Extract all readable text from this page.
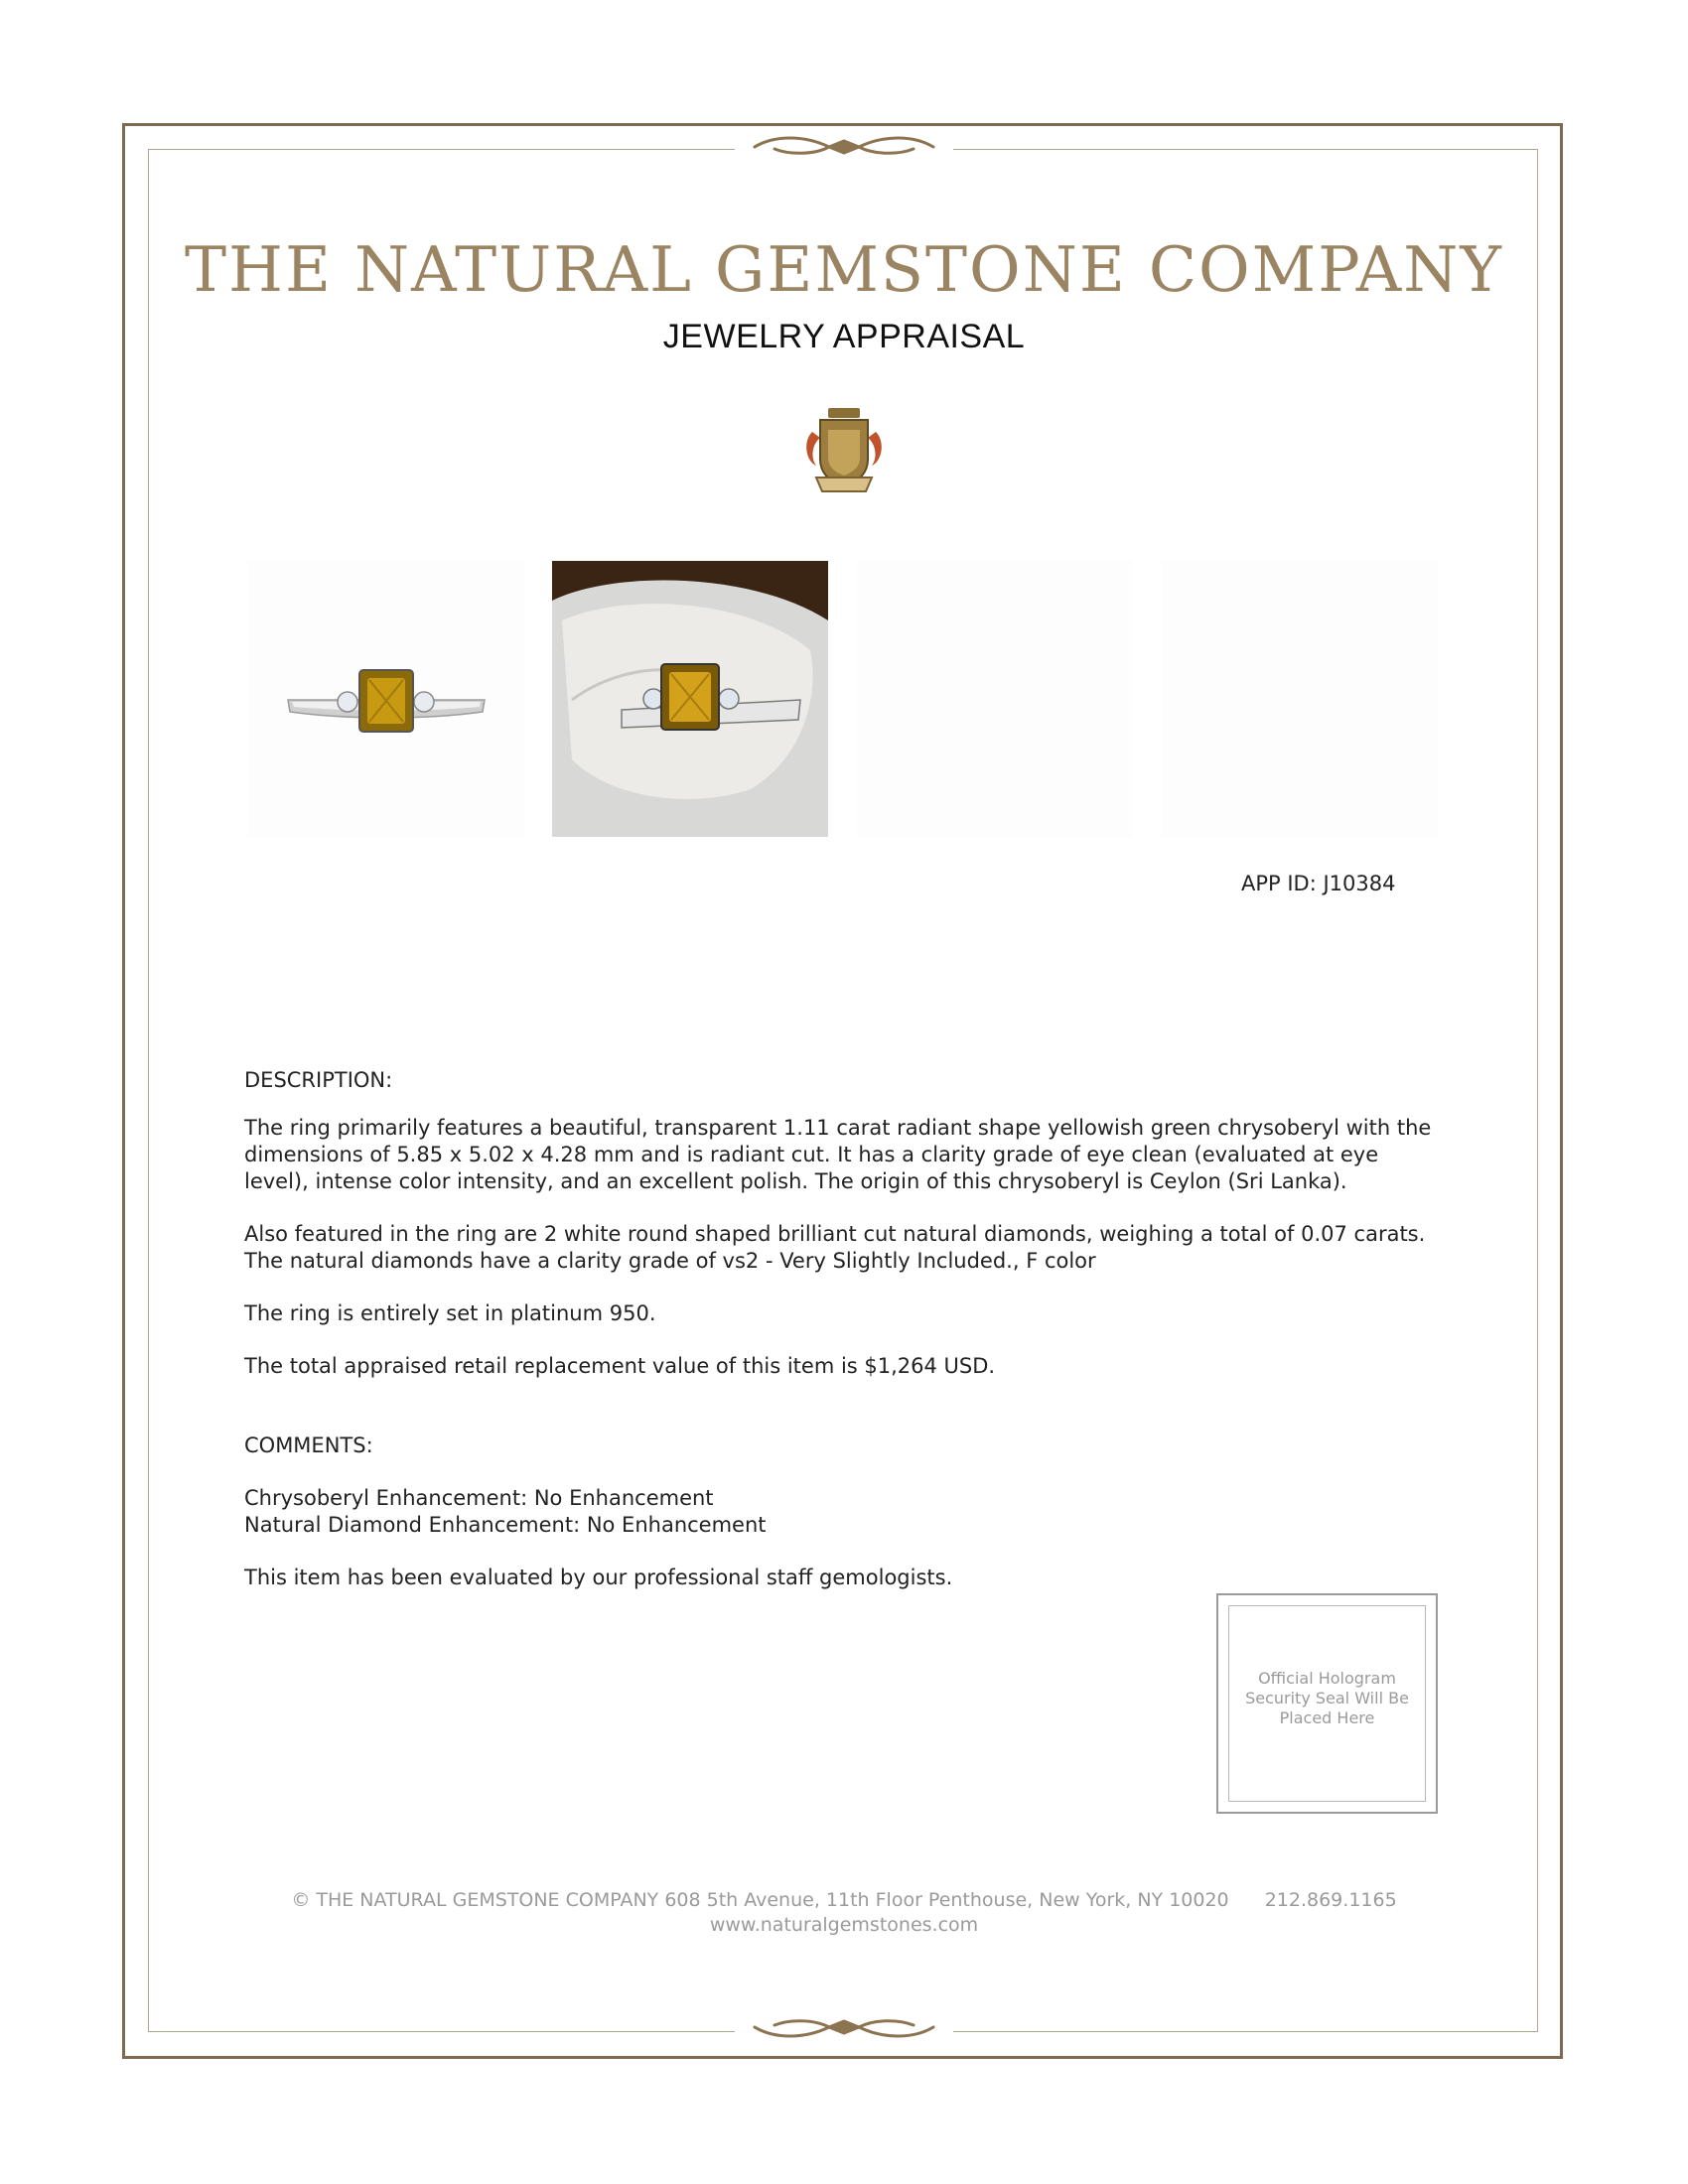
THE NATURAL GEMSTONE COMPANY
JEWELRY APPRAISAL
APP ID: J10384
DESCRIPTION:

The ring primarily features a beautiful, transparent 1.11 carat radiant shape yellowish green chrysoberyl with the dimensions of 5.85 x 5.02 x 4.28 mm and is radiant cut. It has a clarity grade of eye clean (evaluated at eye level), intense color intensity, and an excellent polish. The origin of this chrysoberyl is Ceylon (Sri Lanka).

Also featured in the ring are 2 white round shaped brilliant cut natural diamonds, weighing a total of 0.07 carats. The natural diamonds have a clarity grade of vs2 - Very Slightly Included., F color

The ring is entirely set in platinum 950.

The total appraised retail replacement value of this item is $1,264 USD.

COMMENTS:

Chrysoberyl Enhancement: No Enhancement

Natural Diamond Enhancement: No Enhancement

This item has been evaluated by our professional staff gemologists.
Official Hologram Security Seal Will Be Placed Here
© THE NATURAL GEMSTONE COMPANY 608 5th Avenue, 11th Floor Penthouse, New York, NY 10020 212.869.1165
www.naturalgemstones.com
